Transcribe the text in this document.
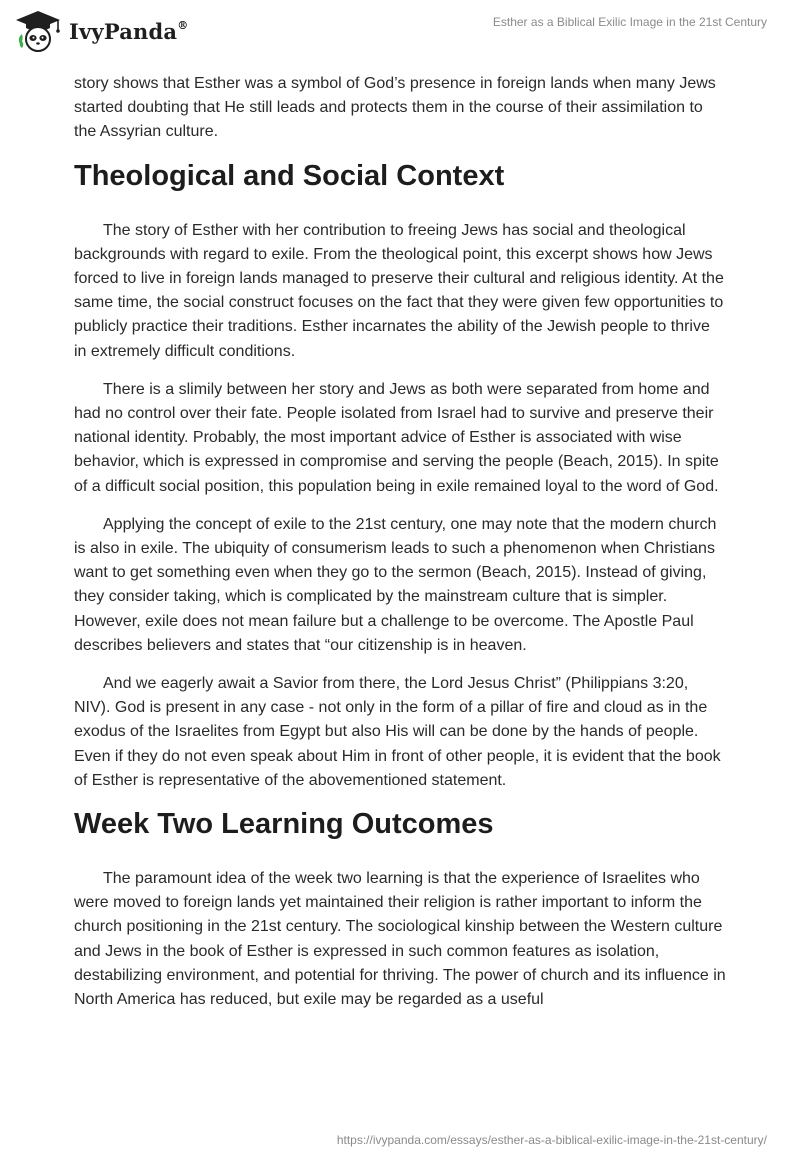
IvyPanda®	Esther as a Biblical Exilic Image in the 21st Century

story shows that Esther was a symbol of God’s presence in foreign lands when many Jews started doubting that He still leads and protects them in the course of their assimilation to the Assyrian culture.

Theological and Social Context

The story of Esther with her contribution to freeing Jews has social and theological backgrounds with regard to exile. From the theological point, this excerpt shows how Jews forced to live in foreign lands managed to preserve their cultural and religious identity. At the same time, the social construct focuses on the fact that they were given few opportunities to publicly practice their traditions. Esther incarnates the ability of the Jewish people to thrive in extremely difficult conditions.

There is a slimily between her story and Jews as both were separated from home and had no control over their fate. People isolated from Israel had to survive and preserve their national identity. Probably, the most important advice of Esther is associated with wise behavior, which is expressed in compromise and serving the people (Beach, 2015). In spite of a difficult social position, this population being in exile remained loyal to the word of God.

Applying the concept of exile to the 21st century, one may note that the modern church is also in exile. The ubiquity of consumerism leads to such a phenomenon when Christians want to get something even when they go to the sermon (Beach, 2015). Instead of giving, they consider taking, which is complicated by the mainstream culture that is simpler. However, exile does not mean failure but a challenge to be overcome. The Apostle Paul describes believers and states that “our citizenship is in heaven.

And we eagerly await a Savior from there, the Lord Jesus Christ” (Philippians 3:20, NIV). God is present in any case - not only in the form of a pillar of fire and cloud as in the exodus of the Israelites from Egypt but also His will can be done by the hands of people. Even if they do not even speak about Him in front of other people, it is evident that the book of Esther is representative of the abovementioned statement.

Week Two Learning Outcomes

The paramount idea of the week two learning is that the experience of Israelites who were moved to foreign lands yet maintained their religion is rather important to inform the church positioning in the 21st century. The sociological kinship between the Western culture and Jews in the book of Esther is expressed in such common features as isolation, destabilizing environment, and potential for thriving. The power of church and its influence in North America has reduced, but exile may be regarded as a useful

https://ivypanda.com/essays/esther-as-a-biblical-exilic-image-in-the-21st-century/
